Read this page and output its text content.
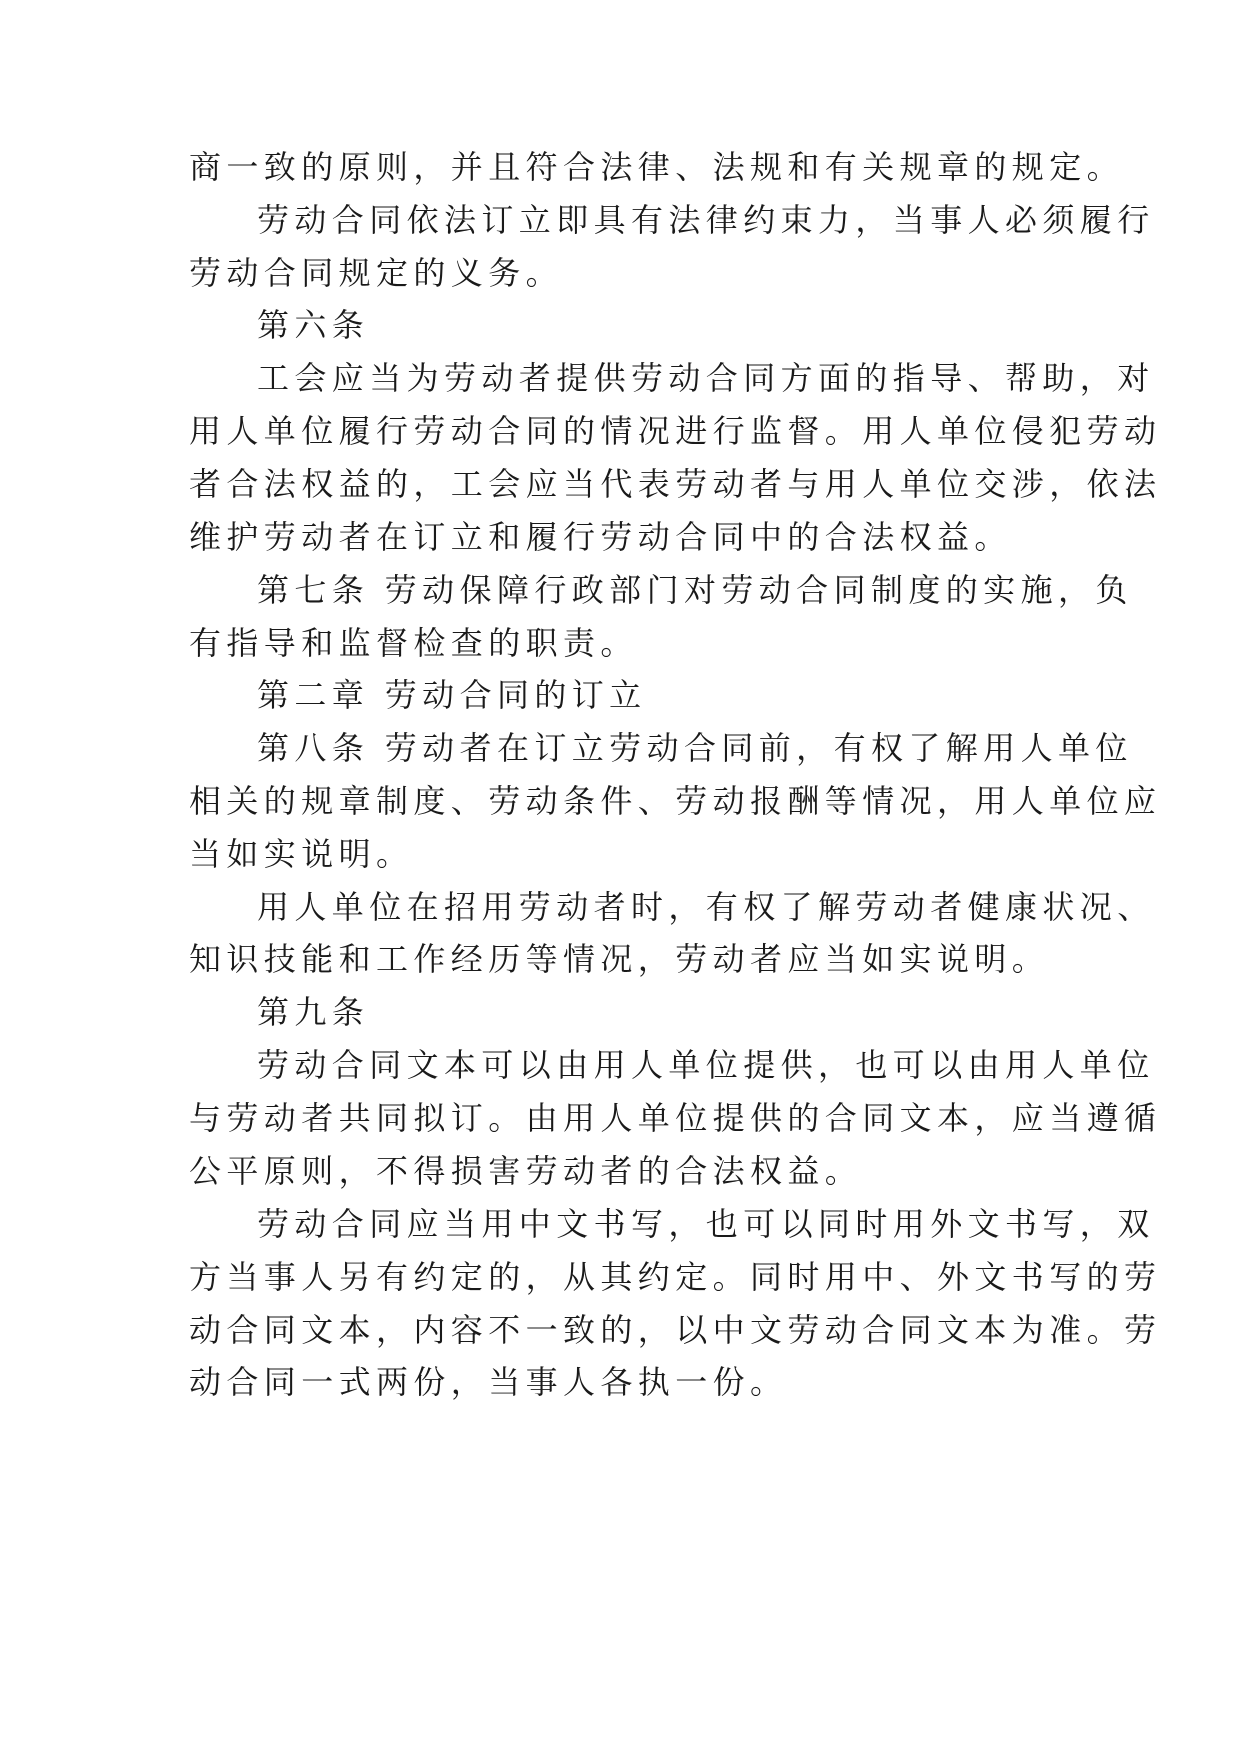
商一致的原则，并且符合法律、法规和有关规章的规定。

劳动合同依法订立即具有法律约束力，当事人必须履行

劳动合同规定的义务。

第六条

工会应当为劳动者提供劳动合同方面的指导、帮助，对

用人单位履行劳动合同的情况进行监督。用人单位侵犯劳动

者合法权益的，工会应当代表劳动者与用人单位交涉，依法

维护劳动者在订立和履行劳动合同中的合法权益。

第七条 劳动保障行政部门对劳动合同制度的实施，负

有指导和监督检查的职责。

第二章 劳动合同的订立

第八条 劳动者在订立劳动合同前，有权了解用人单位

相关的规章制度、劳动条件、劳动报酬等情况，用人单位应

当如实说明。

用人单位在招用劳动者时，有权了解劳动者健康状况、

知识技能和工作经历等情况，劳动者应当如实说明。

第九条

劳动合同文本可以由用人单位提供，也可以由用人单位

与劳动者共同拟订。由用人单位提供的合同文本，应当遵循

公平原则，不得损害劳动者的合法权益。

劳动合同应当用中文书写，也可以同时用外文书写，双

方当事人另有约定的，从其约定。同时用中、外文书写的劳

动合同文本，内容不一致的，以中文劳动合同文本为准。劳

动合同一式两份，当事人各执一份。
